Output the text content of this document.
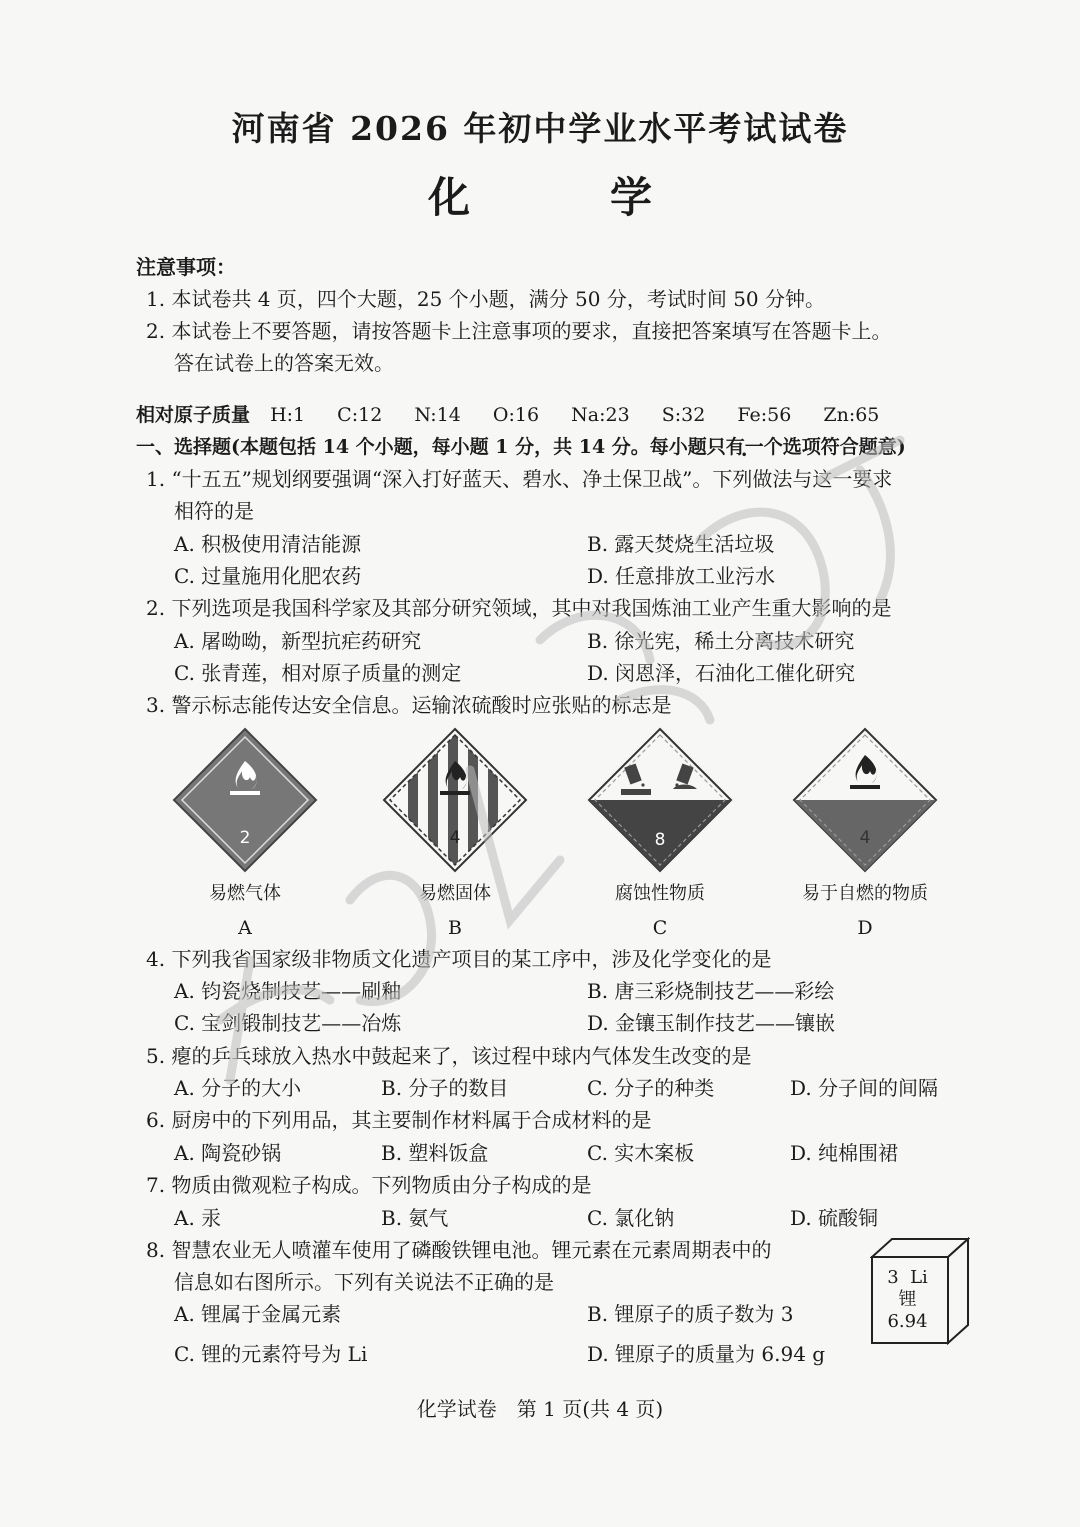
河南省 2026 年初中学业水平考试试卷
化	学
注意事项：
1. 本试卷共 4 页，四个大题，25 个小题，满分 50 分，考试时间 50 分钟。
2. 本试卷上不要答题，请按答题卡上注意事项的要求，直接把答案填写在答题卡上。
答在试卷上的答案无效。
相对原子质量 H:1 C:12 N:14 O:16 Na:23 S:32 Fe:56 Zn:65
一、选择题(本题包括 14 个小题，每小题 1 分，共 14 分。每小题只有一个选项符合题意)
1. “十五五”规划纲要强调“深入打好蓝天、碧水、净土保卫战”。下列做法与这一要求
相符的是
A. 积极使用清洁能源	B. 露天焚烧生活垃圾
C. 过量施用化肥农药	D. 任意排放工业污水
2. 下列选项是我国科学家及其部分研究领域，其中对我国炼油工业产生重大影响的是
A. 屠呦呦，新型抗疟药研究	B. 徐光宪，稀土分离技术研究
C. 张青莲，相对原子质量的测定	D. 闵恩泽，石油化工催化研究
3. 警示标志能传达安全信息。运输浓硫酸时应张贴的标志是
2
易燃气体
A
4
易燃固体
B
8
腐蚀性物质
C
4
易于自燃的物质
D
4. 下列我省国家级非物质文化遗产项目的某工序中，涉及化学变化的是
A. 钧瓷烧制技艺——刷釉	B. 唐三彩烧制技艺——彩绘
C. 宝剑锻制技艺——冶炼	D. 金镶玉制作技艺——镶嵌
5. 瘪的乒乓球放入热水中鼓起来了，该过程中球内气体发生改变的是
A. 分子的大小	B. 分子的数目	C. 分子的种类	D. 分子间的间隔
6. 厨房中的下列用品，其主要制作材料属于合成材料的是
A. 陶瓷砂锅	B. 塑料饭盒	C. 实木案板	D. 纯棉围裙
7. 物质由微观粒子构成。下列物质由分子构成的是
A. 汞	B. 氨气	C. 氯化钠	D. 硫酸铜
8. 智慧农业无人喷灌车使用了磷酸铁锂电池。锂元素在元素周期表中的
信息如右图所示。下列有关说法不正确的是
A. 锂属于金属元素	B. 锂原子的质子数为 3
C. 锂的元素符号为 Li	D. 锂原子的质量为 6.94 g
3 Li
锂
6.94
化学试卷　第 1 页(共 4 页)
